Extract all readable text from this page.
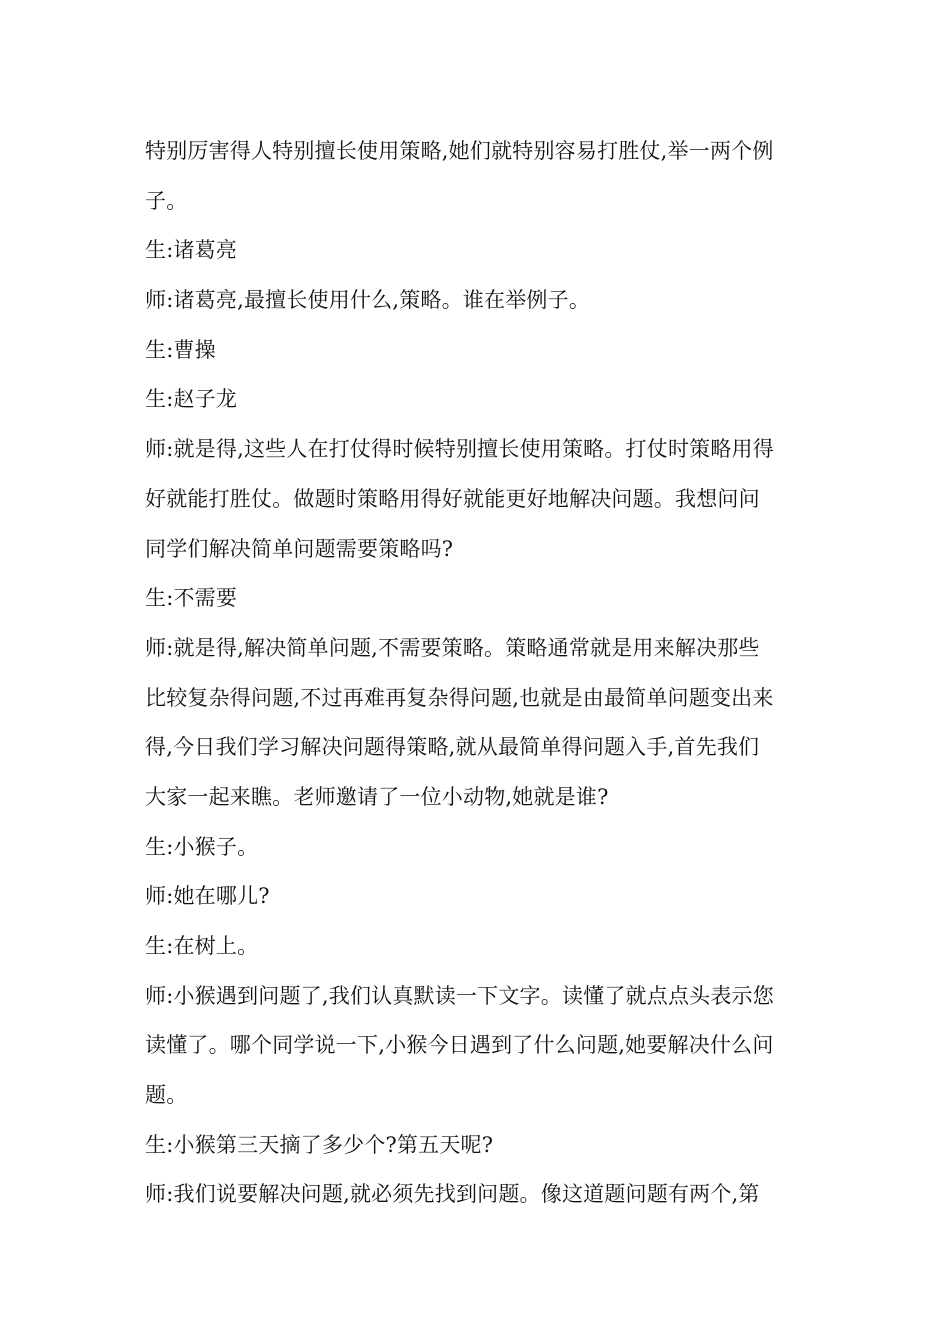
特别厉害得人特别擅长使用策略,她们就特别容易打胜仗,举一两个例
子。
生:诸葛亮
师:诸葛亮,最擅长使用什么,策略。谁在举例子。
生:曹操
生:赵子龙
师:就是得,这些人在打仗得时候特别擅长使用策略。打仗时策略用得
好就能打胜仗。做题时策略用得好就能更好地解决问题。我想问问
同学们解决简单问题需要策略吗?
生:不需要
师:就是得,解决简单问题,不需要策略。策略通常就是用来解决那些
比较复杂得问题,不过再难再复杂得问题,也就是由最简单问题变出来
得,今日我们学习解决问题得策略,就从最简单得问题入手,首先我们
大家一起来瞧。老师邀请了一位小动物,她就是谁?
生:小猴子。
师:她在哪儿?
生:在树上。
师:小猴遇到问题了,我们认真默读一下文字。读懂了就点点头表示您
读懂了。哪个同学说一下,小猴今日遇到了什么问题,她要解决什么问
题。
生:小猴第三天摘了多少个?第五天呢?
师:我们说要解决问题,就必须先找到问题。像这道题问题有两个,第
